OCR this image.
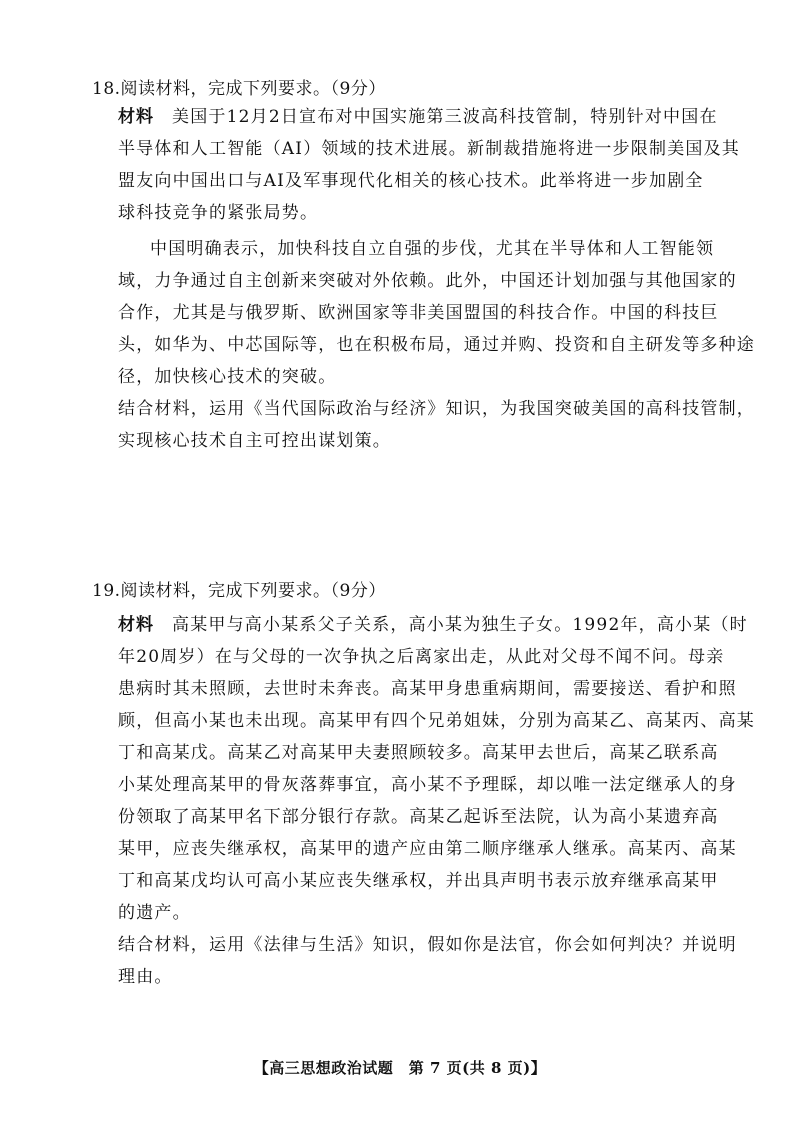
18.阅读材料，完成下列要求。（9分）
材料 美国于12月2日宣布对中国实施第三波高科技管制，特别针对中国在
半导体和人工智能（AI）领域的技术进展。新制裁措施将进一步限制美国及其
盟友向中国出口与AI及军事现代化相关的核心技术。此举将进一步加剧全
球科技竞争的紧张局势。
中国明确表示，加快科技自立自强的步伐，尤其在半导体和人工智能领
域，力争通过自主创新来突破对外依赖。此外，中国还计划加强与其他国家的
合作，尤其是与俄罗斯、欧洲国家等非美国盟国的科技合作。中国的科技巨
头，如华为、中芯国际等，也在积极布局，通过并购、投资和自主研发等多种途
径，加快核心技术的突破。
结合材料，运用《当代国际政治与经济》知识，为我国突破美国的高科技管制，
实现核心技术自主可控出谋划策。
19.阅读材料，完成下列要求。（9分）
材料 高某甲与高小某系父子关系，高小某为独生子女。1992年，高小某（时
年20周岁）在与父母的一次争执之后离家出走，从此对父母不闻不问。母亲
患病时其未照顾，去世时未奔丧。高某甲身患重病期间，需要接送、看护和照
顾，但高小某也未出现。高某甲有四个兄弟姐妹，分别为高某乙、高某丙、高某
丁和高某戊。高某乙对高某甲夫妻照顾较多。高某甲去世后，高某乙联系高
小某处理高某甲的骨灰落葬事宜，高小某不予理睬，却以唯一法定继承人的身
份领取了高某甲名下部分银行存款。高某乙起诉至法院，认为高小某遗弃高
某甲，应丧失继承权，高某甲的遗产应由第二顺序继承人继承。高某丙、高某
丁和高某戊均认可高小某应丧失继承权，并出具声明书表示放弃继承高某甲
的遗产。
结合材料，运用《法律与生活》知识，假如你是法官，你会如何判决？并说明
理由。
【高三思想政治试题　第 7 页(共 8 页)】
